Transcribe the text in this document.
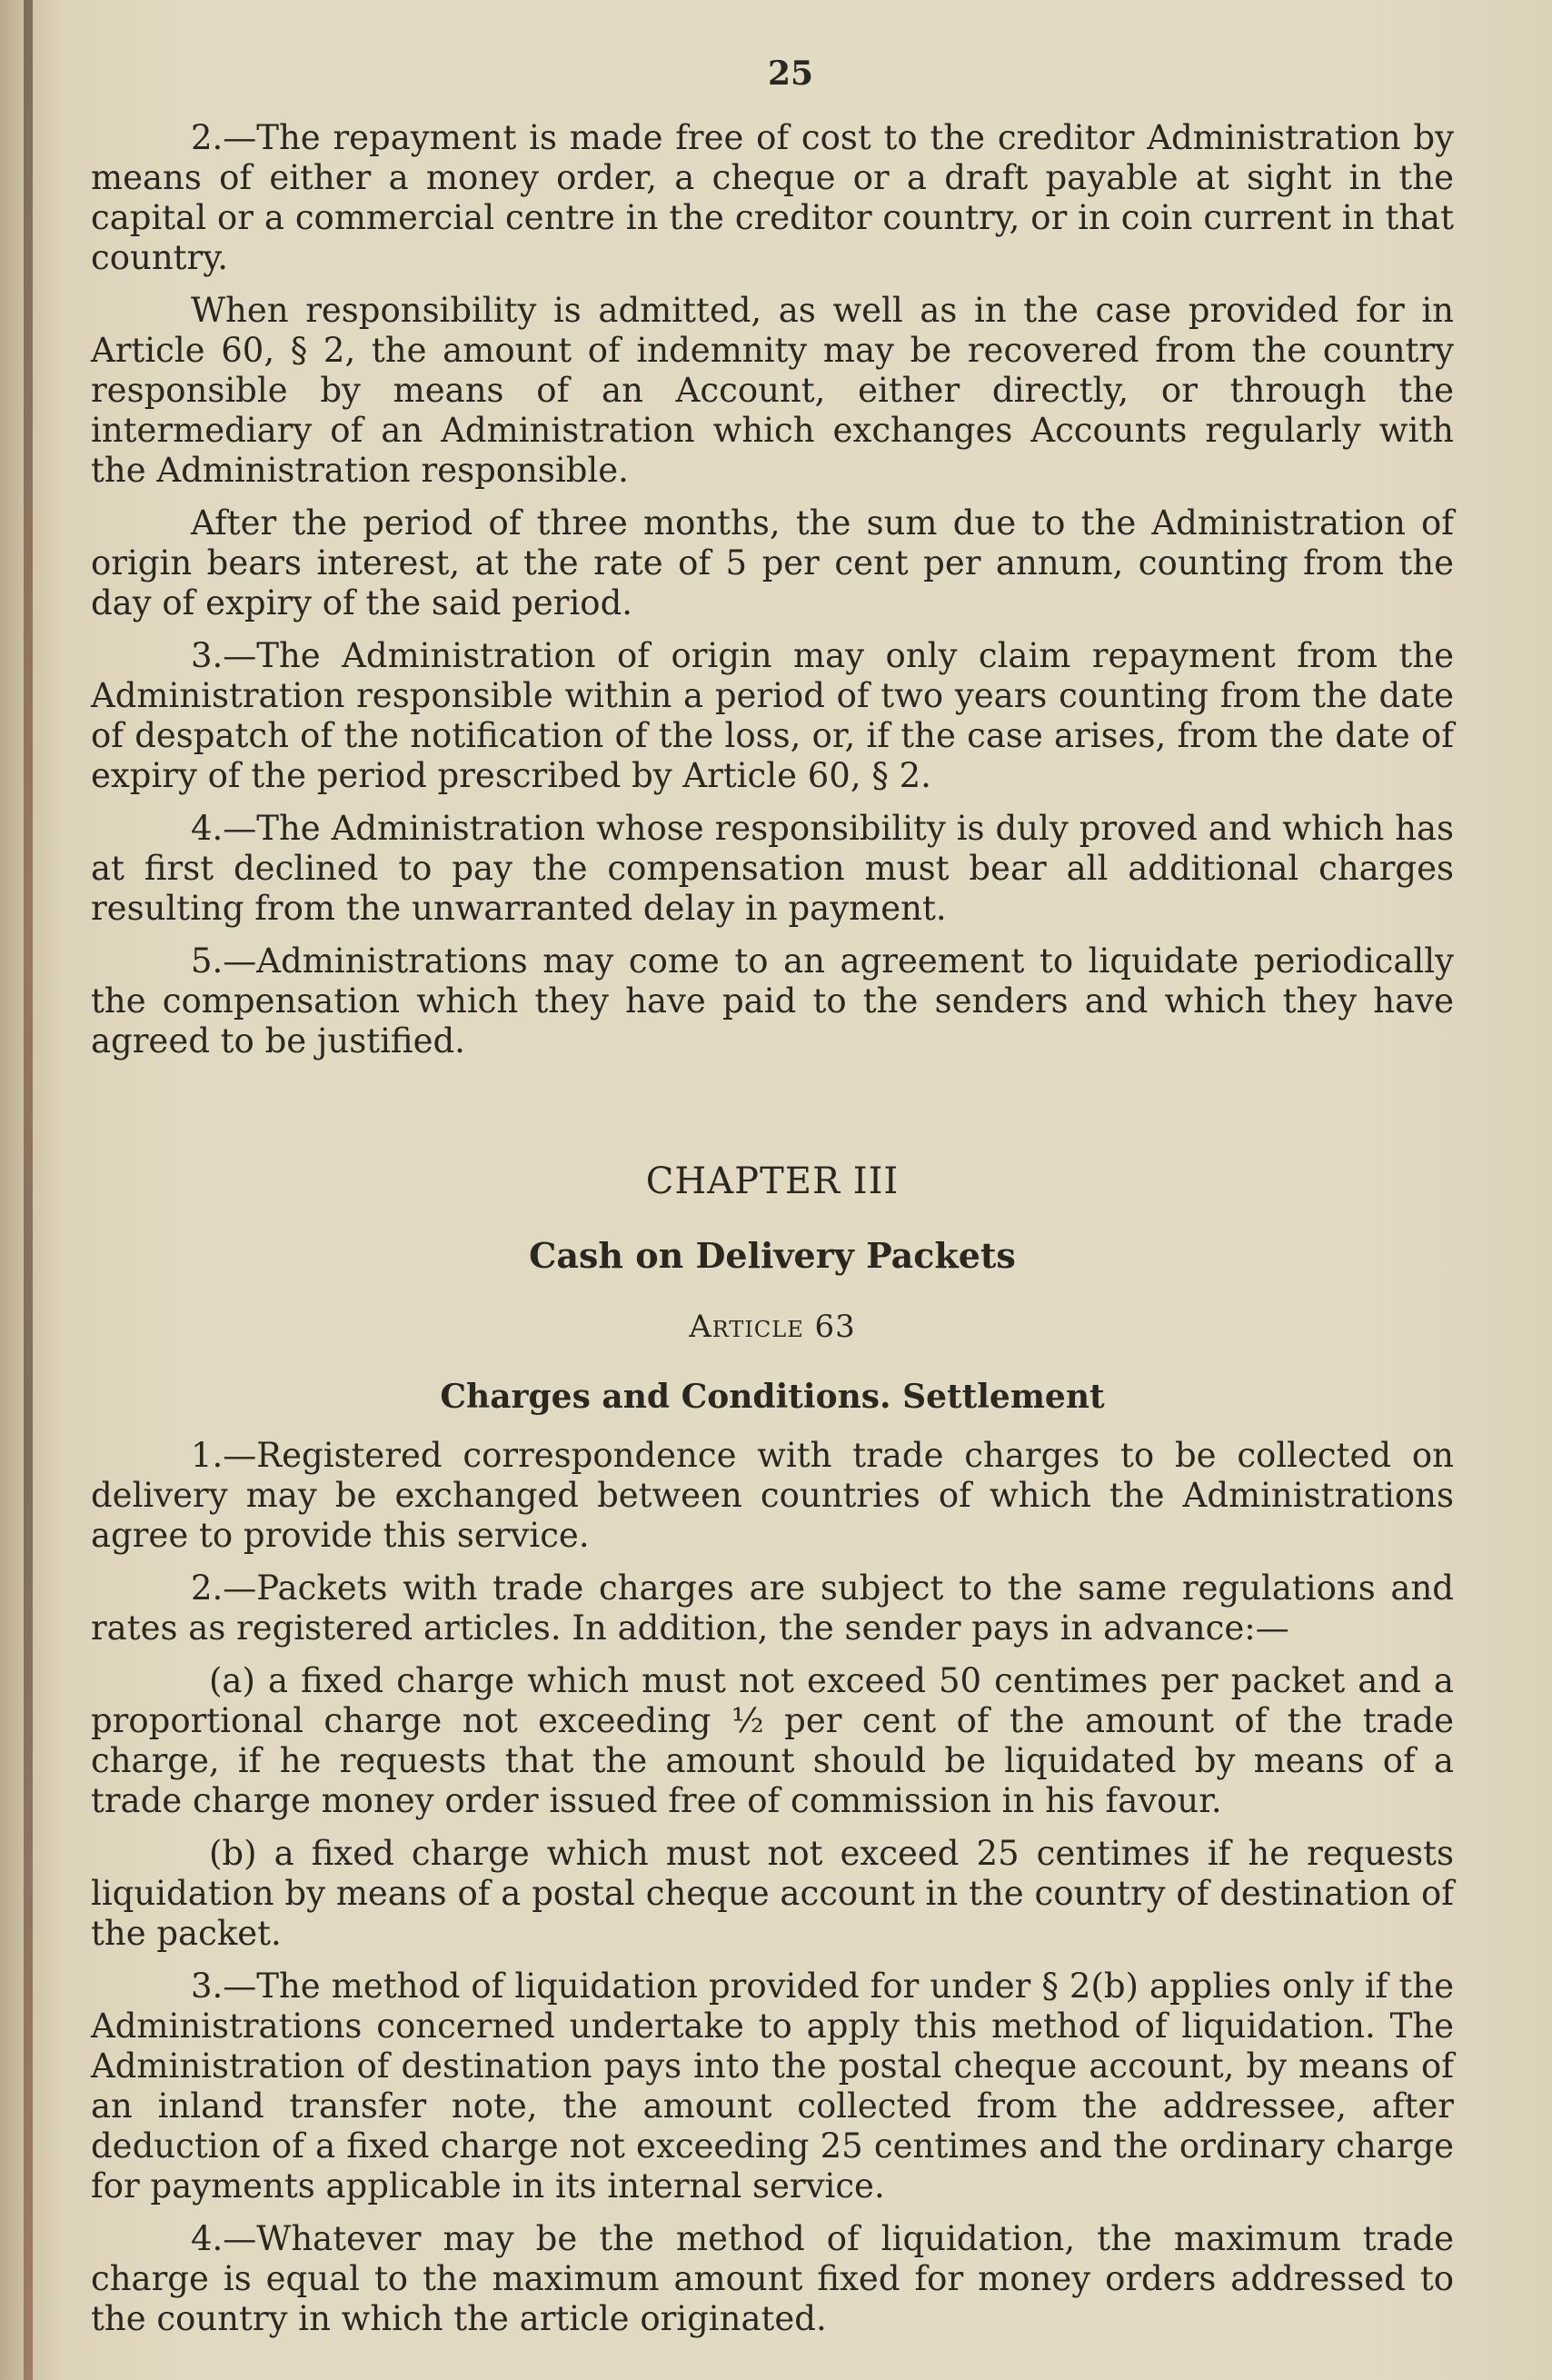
25

2.—The repayment is made free of cost to the creditor Administration by means of either a money order, a cheque or a draft payable at sight in the capital or a commercial centre in the creditor country, or in coin current in that country.

When responsibility is admitted, as well as in the case provided for in Article 60, § 2, the amount of indemnity may be recovered from the country responsible by means of an Account, either directly, or through the intermediary of an Administration which exchanges Accounts regularly with the Administration responsible.

After the period of three months, the sum due to the Administration of origin bears interest, at the rate of 5 per cent per annum, counting from the day of expiry of the said period.

3.—The Administration of origin may only claim repayment from the Administration responsible within a period of two years counting from the date of despatch of the notification of the loss, or, if the case arises, from the date of expiry of the period prescribed by Article 60, § 2.

4.—The Administration whose responsibility is duly proved and which has at first declined to pay the compensation must bear all additional charges resulting from the unwarranted delay in payment.

5.—Administrations may come to an agreement to liquidate periodically the compensation which they have paid to the senders and which they have agreed to be justified.

CHAPTER III
Cash on Delivery Packets
Article 63
Charges and Conditions. Settlement

1.—Registered correspondence with trade charges to be collected on delivery may be exchanged between countries of which the Administrations agree to provide this service.

2.—Packets with trade charges are subject to the same regulations and rates as registered articles. In addition, the sender pays in advance:—

(a) a fixed charge which must not exceed 50 centimes per packet and a proportional charge not exceeding ½ per cent of the amount of the trade charge, if he requests that the amount should be liquidated by means of a trade charge money order issued free of commission in his favour.

(b) a fixed charge which must not exceed 25 centimes if he requests liquidation by means of a postal cheque account in the country of destination of the packet.

3.—The method of liquidation provided for under § 2(b) applies only if the Administrations concerned undertake to apply this method of liquidation. The Administration of destination pays into the postal cheque account, by means of an inland transfer note, the amount collected from the addressee, after deduction of a fixed charge not exceeding 25 centimes and the ordinary charge for payments applicable in its internal service.

4.—Whatever may be the method of liquidation, the maximum trade charge is equal to the maximum amount fixed for money orders addressed to the country in which the article originated.
